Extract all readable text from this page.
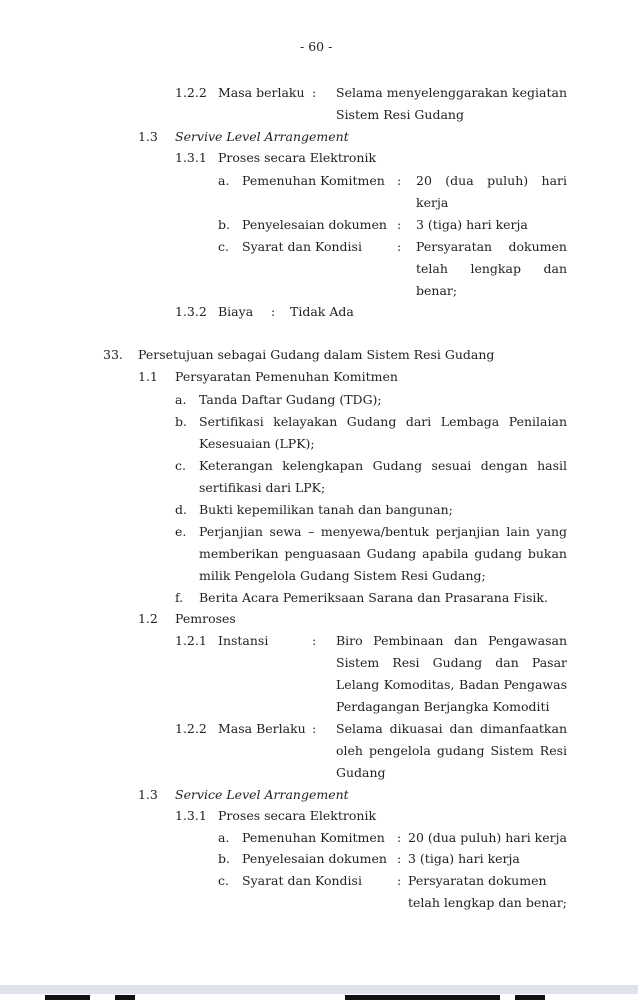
- 60 -
1.2.2 Masa berlaku : Selama menyelenggarakan kegiatan
Sistem Resi Gudang
1.3 Servive Level Arrangement
1.3.1 Proses secara Elektronik
a. Pemenuhan Komitmen : 20 (dua puluh) hari
kerja
b. Penyelesaian dokumen : 3 (tiga) hari kerja
c. Syarat dan Kondisi	: Persyaratan dokumen
telah lengkap dan
benar;
1.3.2 Biaya : Tidak Ada
33. Persetujuan sebagai Gudang dalam Sistem Resi Gudang
1.1 Persyaratan Pemenuhan Komitmen
a. Tanda Daftar Gudang (TDG);
b. Sertifikasi kelayakan Gudang dari Lembaga Penilaian
Kesesuaian (LPK);
c. Keterangan kelengkapan Gudang sesuai dengan hasil
sertifikasi dari LPK;
d. Bukti kepemilikan tanah dan bangunan;
e. Perjanjian sewa – menyewa/bentuk perjanjian lain yang
memberikan penguasaan Gudang apabila gudang bukan
milik Pengelola Gudang Sistem Resi Gudang;
f. Berita Acara Pemeriksaan Sarana dan Prasarana Fisik.
1.2 Pemroses
1.2.1 Instansi	: Biro Pembinaan dan Pengawasan
Sistem Resi Gudang dan Pasar
Lelang Komoditas, Badan Pengawas
Perdagangan Berjangka Komoditi
1.2.2 Masa Berlaku : Selama dikuasai dan dimanfaatkan
oleh pengelola gudang Sistem Resi
Gudang
1.3 Service Level Arrangement
1.3.1 Proses secara Elektronik
a. Pemenuhan Komitmen : 20 (dua puluh) hari kerja
b. Penyelesaian dokumen : 3 (tiga) hari kerja
c. Syarat dan Kondisi	: Persyaratan dokumen
telah lengkap dan benar;
